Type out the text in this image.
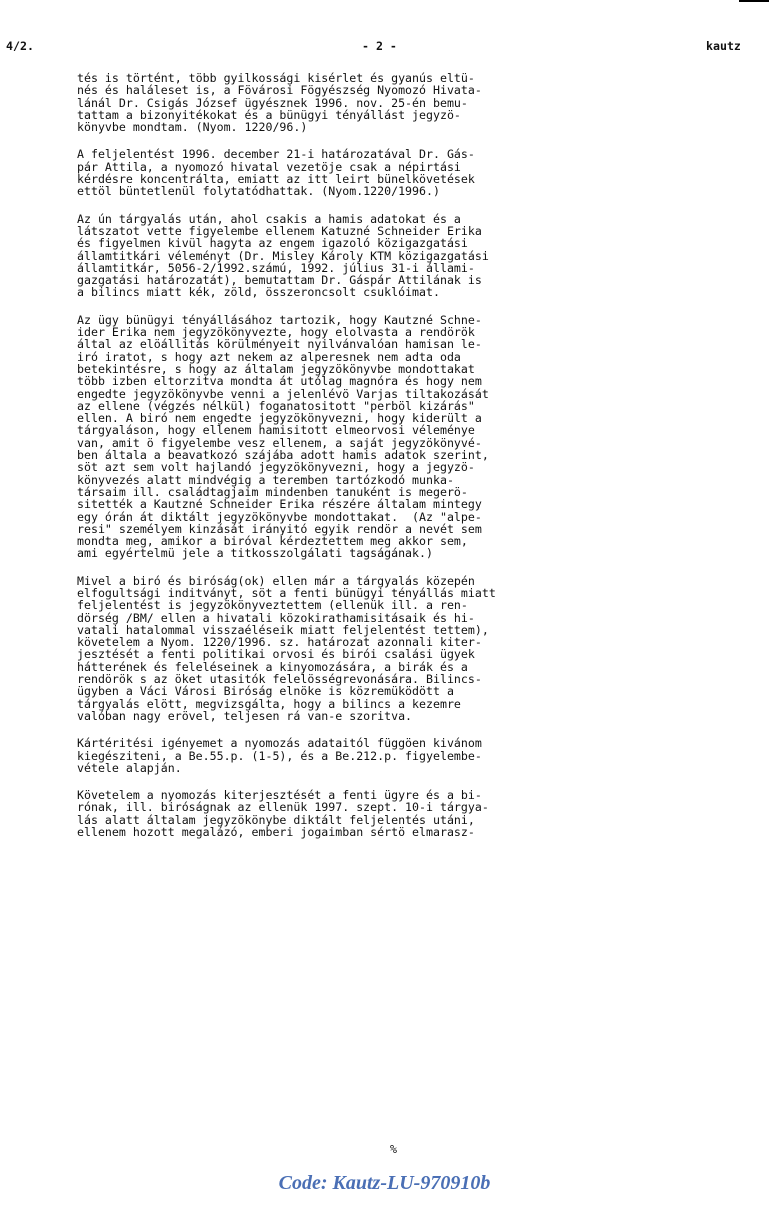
4/2.	- 2 -	kautz
tés is történt, több gyilkossági kisérlet és gyanús eltü-
nés és haláleset is, a Fövárosi Fögyészség Nyomozó Hivata-
lánál Dr. Csigás József ügyésznek 1996. nov. 25-én bemu-
tattam a bizonyitékokat és a bünügyi tényállást jegyzö-
könyvbe mondtam. (Nyom. 1220/96.)
A feljelentést 1996. december 21-i határozatával Dr. Gás-
pár Attila, a nyomozó hivatal vezetöje csak a népirtási
kérdésre koncentrálta, emiatt az itt leirt bünelkövetések
ettöl büntetlenül folytatódhattak. (Nyom.1220/1996.)
Az ún tárgyalás után, ahol csakis a hamis adatokat és a
látszatot vette figyelembe ellenem Katuzné Schneider Erika
és figyelmen kivül hagyta az engem igazoló közigazgatási
államtitkári véleményt (Dr. Misley Károly KTM közigazgatási
államtitkár, 5056-2/1992.számú, 1992. július 31-i állami-
gazgatási határozatát), bemutattam Dr. Gáspár Attilának is
a bilincs miatt kék, zöld, összeroncsolt csuklóimat.
Az ügy bünügyi tényállásához tartozik, hogy Kautzné Schne-
ider Erika nem jegyzökönyvezte, hogy elolvasta a rendörök
által az elöállitás körülményeit nyilvánvalóan hamisan le-
iró iratot, s hogy azt nekem az alperesnek nem adta oda
betekintésre, s hogy az általam jegyzökönyvbe mondottakat
több izben eltorzitva mondta át utólag magnóra és hogy nem
engedte jegyzökönyvbe venni a jelenlévö Varjas tiltakozását
az ellene (végzés nélkül) foganatositott "perböl kizárás"
ellen. A biró nem engedte jegyzökönyvezni, hogy kiderült a
tárgyaláson, hogy ellenem hamisitott elmeorvosi véleménye
van, amit ö figyelembe vesz ellenem, a saját jegyzökönyvé-
ben általa a beavatkozó szájába adott hamis adatok szerint,
söt azt sem volt hajlandó jegyzökönyvezni, hogy a jegyzö-
könyvezés alatt mindvégig a teremben tartózkodó munka-
társaim ill. családtagjaim mindenben tanuként is megerö-
sitették a Kautzné Schneider Erika részére általam mintegy
egy órán át diktált jegyzökönyvbe mondottakat.  (Az "alpe-
resi" személyem kinzását irányitó egyik rendör a nevét sem
mondta meg, amikor a biróval kérdeztettem meg akkor sem,
ami egyértelmü jele a titkosszolgálati tagságának.)
Mivel a biró és biróság(ok) ellen már a tárgyalás közepén
elfogultsági inditványt, söt a fenti bünügyi tényállás miatt
feljelentést is jegyzökönyveztettem (ellenük ill. a ren-
dörség /BM/ ellen a hivatali közokirathamisitásaik és hi-
vatali hatalommal visszaéléseik miatt feljelentést tettem),
követelem a Nyom. 1220/1996. sz. határozat azonnali kiter-
jesztését a fenti politikai orvosi és birói csalási ügyek
hátterének és feleléseinek a kinyomozására, a birák és a
rendörök s az öket utasitók felelösségrevonására. Bilincs-
ügyben a Váci Városi Biróság elnöke is közremüködött a
tárgyalás elött, megvizsgálta, hogy a bilincs a kezemre
valóban nagy erövel, teljesen rá van-e szoritva.
Kártéritési igényemet a nyomozás adataitól függöen kivánom
kiegésziteni, a Be.55.p. (1-5), és a Be.212.p. figyelembe-
vétele alapján.
Követelem a nyomozás kiterjesztését a fenti ügyre és a bi-
rónak, ill. biróságnak az ellenük 1997. szept. 10-i tárgya-
lás alatt általam jegyzökönybe diktált feljelentés utáni,
ellenem hozott megalázó, emberi jogaimban sértö elmarasz-
%
Code: Kautz-LU-970910b
